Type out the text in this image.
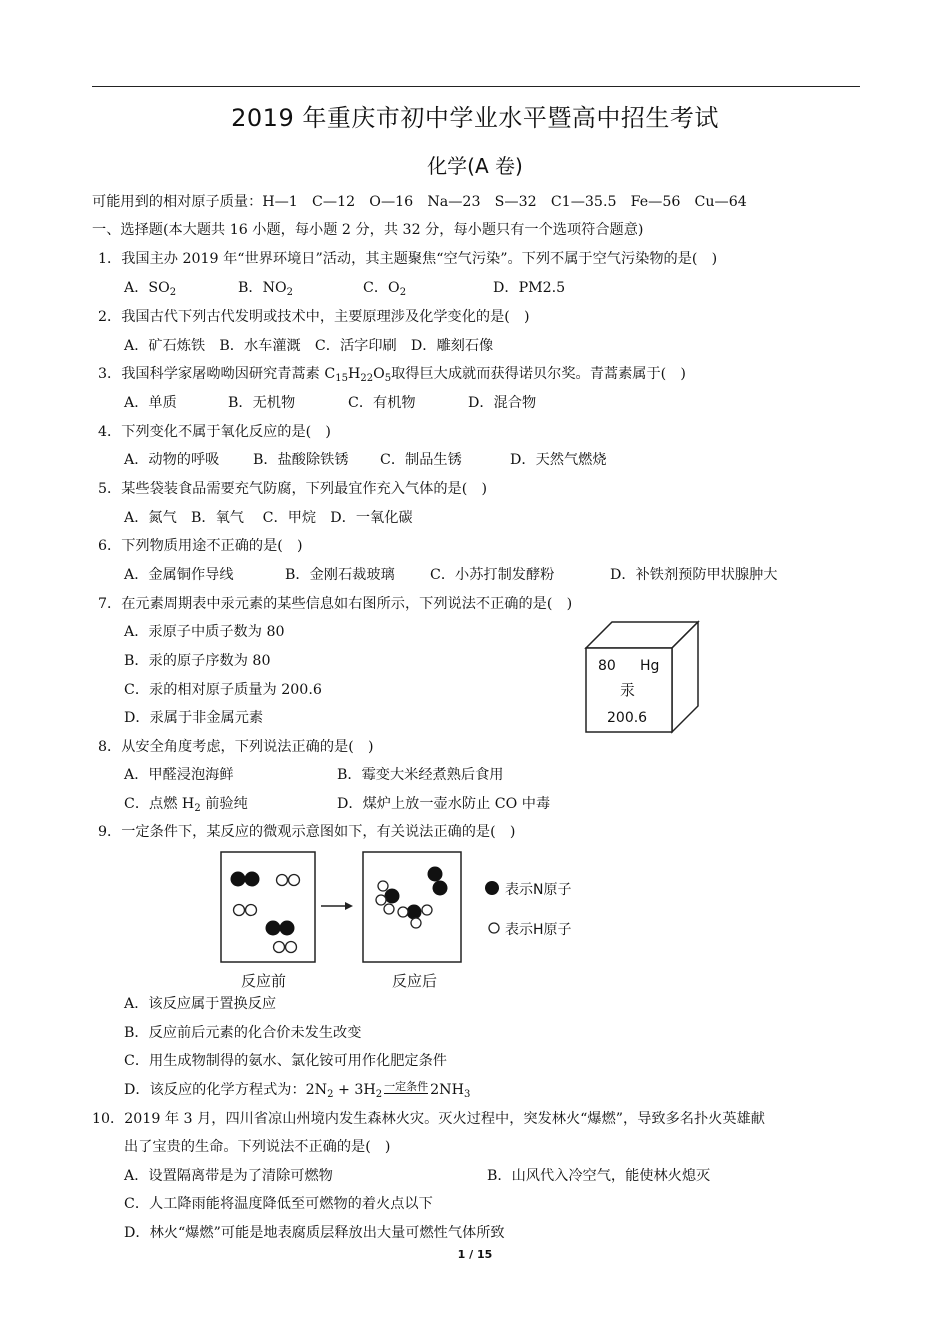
2019 年重庆市初中学业水平暨高中招生考试
化学(A 卷)
可能用到的相对原子质量：H—1　C—12　O—16　Na—23　S—32　C1—35.5　Fe—56　Cu—64
一、选择题(本大题共 16 小题，每小题 2 分，共 32 分，每小题只有一个选项符合题意)
1．我国主办 2019 年“世界环境日”活动，其主题聚焦“空气污染”。下列不属于空气污染物的是(　)
A．$SO_2$	B．$NO_2$	C．$O_2$	D．PM2.5
2．我国古代下列古代发明或技术中，主要原理涉及化学变化的是(　)
A．矿石炼铁　B．水车灌溉　C．活字印刷　D．雕刻石像
3．我国科学家屠呦呦因研究青蒿素 $C_{15}H_{22}O_5$取得巨大成就而获得诺贝尔奖。青蒿素属于(　)
A．单质	B．无机物	C．有机物	D．混合物
4．下列变化不属于氧化反应的是(　)
A．动物的呼吸 B．盐酸除铁锈 C．制品生锈	D．天然气燃烧
5．某些袋装食品需要充气防腐，下列最宜作充入气体的是(　)
A．氮气　B．氧气　 C．甲烷　D．一氧化碳
6．下列物质用途不正确的是(　)
A．金属铜作导线	B．金刚石裁玻璃 C．小苏打制发酵粉	D．补铁剂预防甲状腺肿大
7．在元素周期表中汞元素的某些信息如右图所示，下列说法不正确的是(　)
A．汞原子中质子数为 80
B．汞的原子序数为 80
C．汞的相对原子质量为 200.6
D．汞属于非金属元素
80 Hg
汞
200.6
8．从安全角度考虑，下列说法正确的是(　)
A．甲醛浸泡海鲜	B．霉变大米经煮熟后食用
C．点燃 $H_2$ 前验纯	D．煤炉上放一壶水防止 CO 中毒
9．一定条件下，某反应的微观示意图如下，有关说法正确的是(　)
表示N原子
表示H原子
反应前	反应后
A．该反应属于置换反应
B．反应前后元素的化合价未发生改变
C．用生成物制得的氨水、氯化铵可用作化肥定条件
D．该反应的化学方程式为：$2N_2 + 3H_2$一定条件 $2NH_3$
10．2019 年 3 月，四川省凉山州境内发生森林火灾。灭火过程中，突发林火“爆燃”，导致多名扑火英雄献
出了宝贵的生命。下列说法不正确的是(　)
A．设置隔离带是为了清除可燃物	B．山风代入冷空气，能使林火熄灭
C．人工降雨能将温度降低至可燃物的着火点以下
D．林火“爆燃”可能是地表腐质层释放出大量可燃性气体所致
1 / 15
